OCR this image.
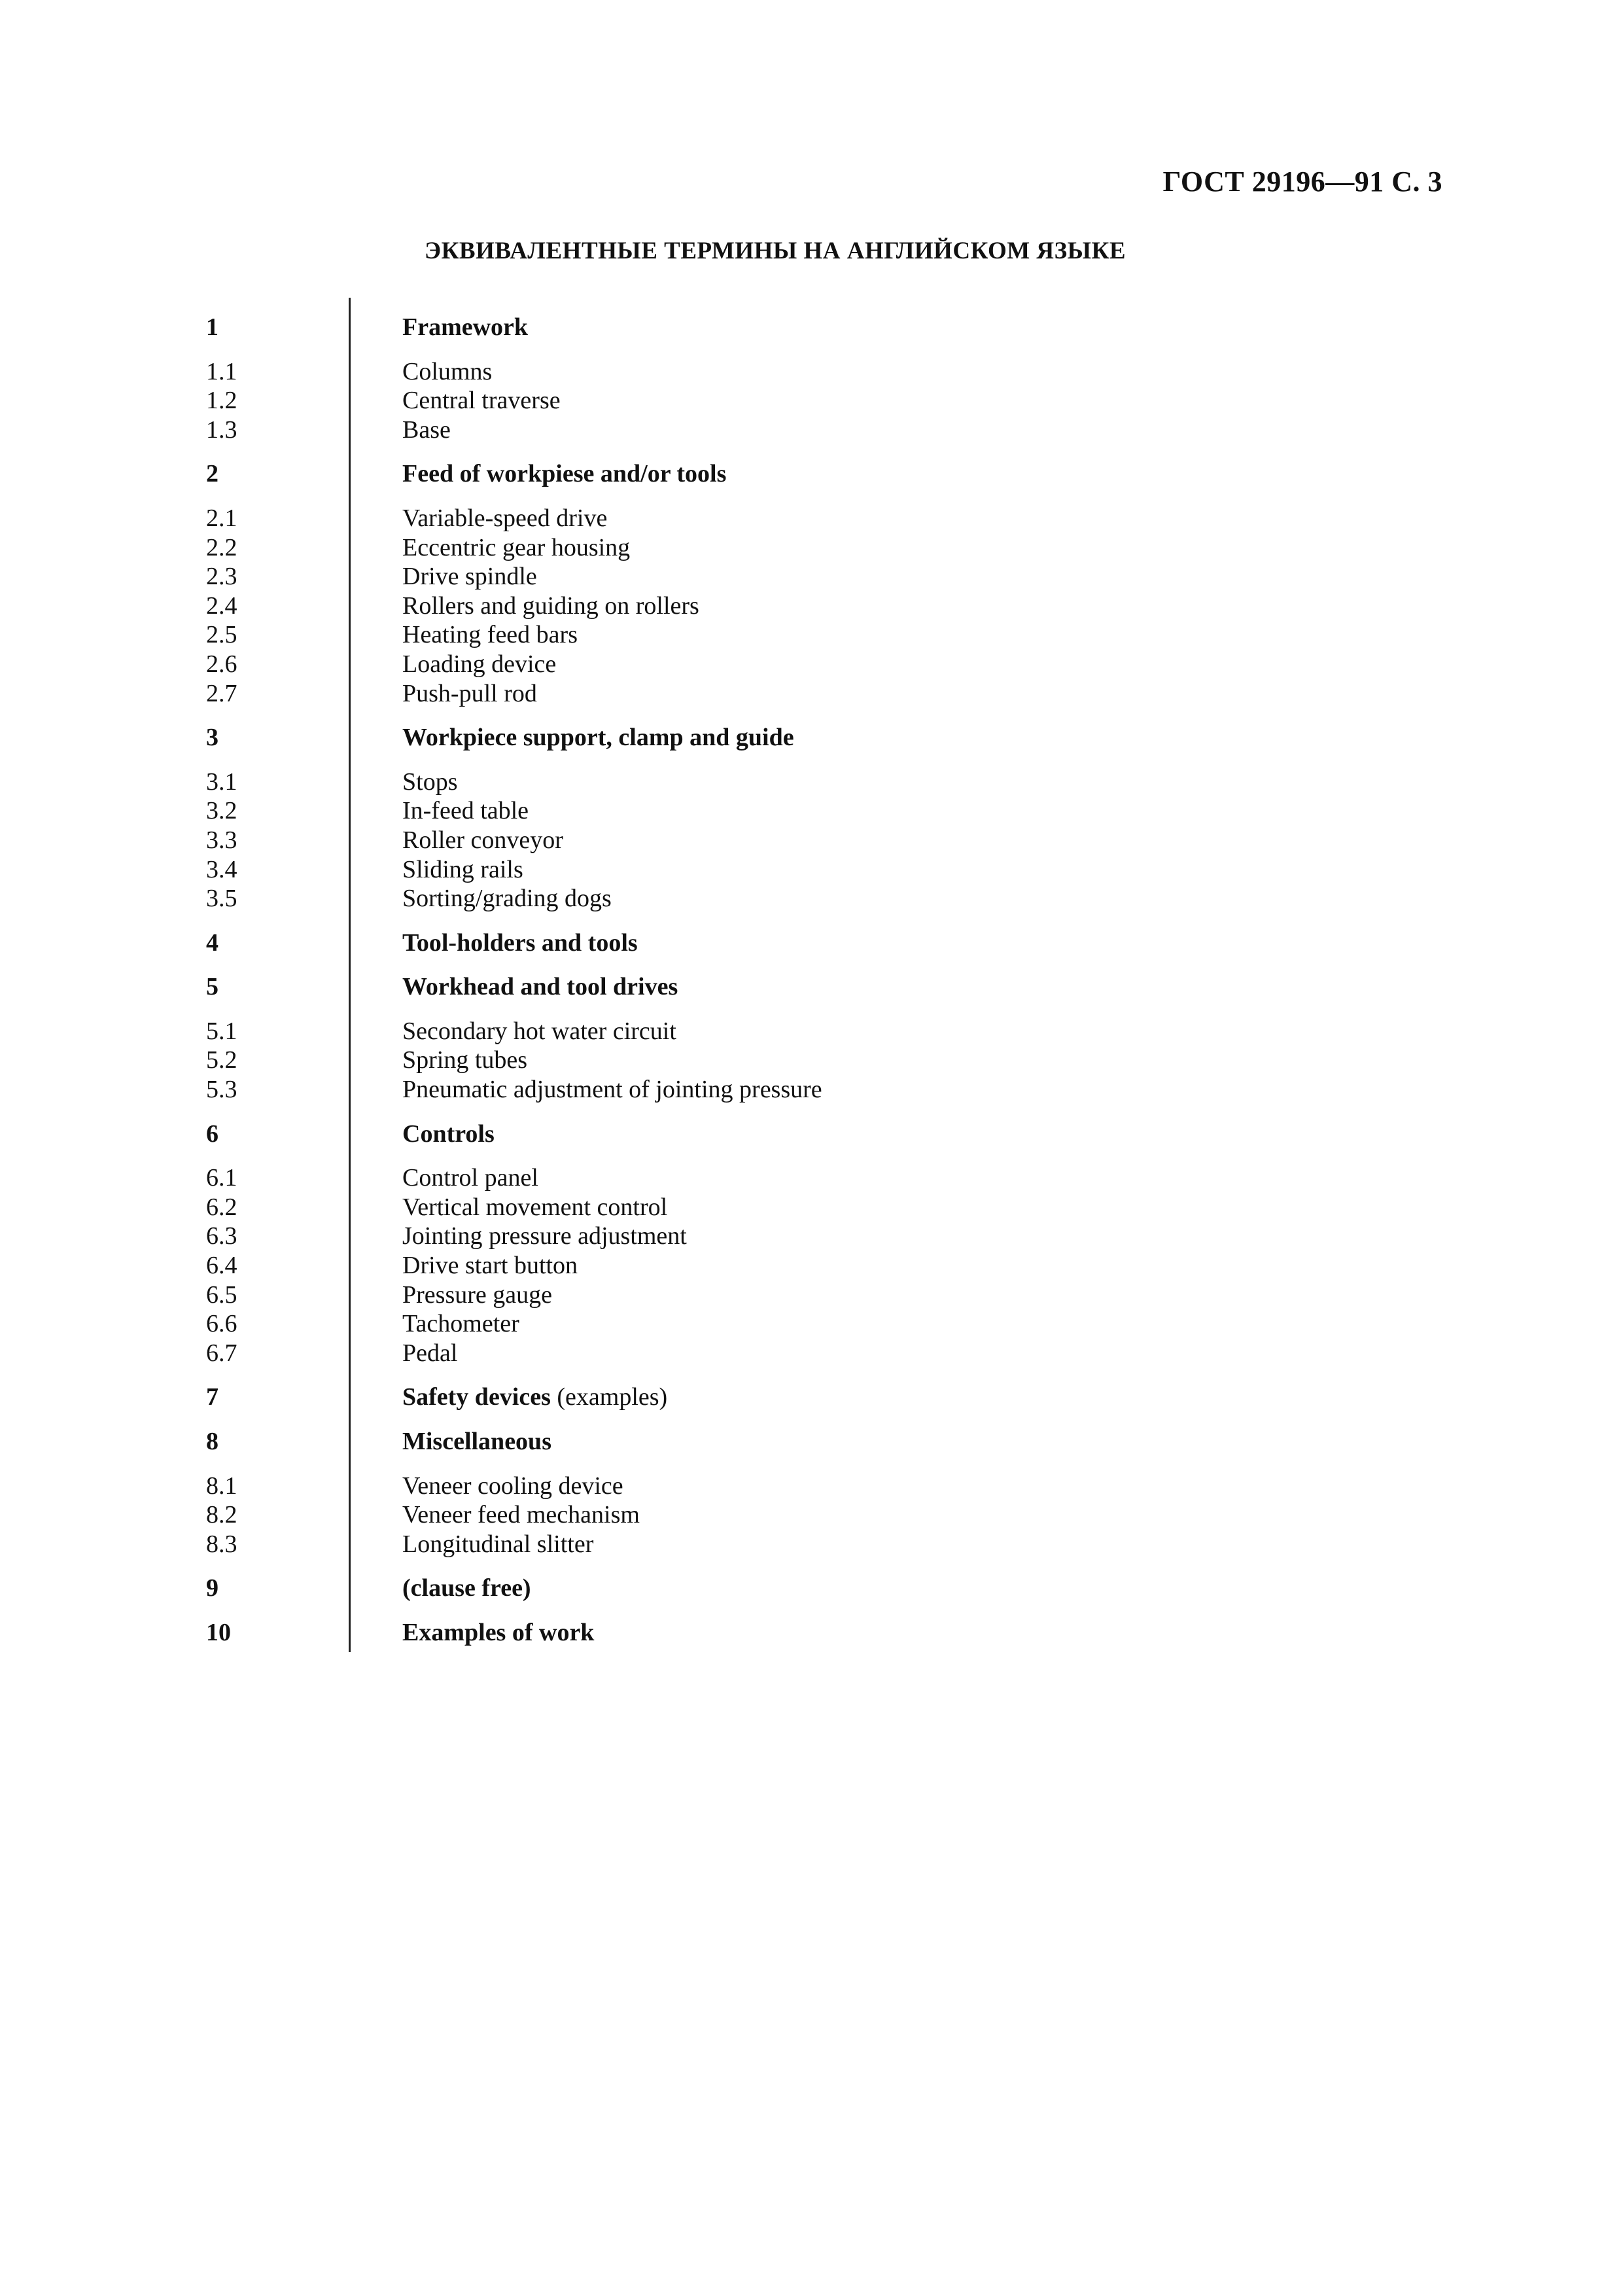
ГОСТ 29196—91 С. 3
ЭКВИВАЛЕНТНЫЕ ТЕРМИНЫ НА АНГЛИЙСКОМ ЯЗЫКЕ
1	Framework
1.1	Columns
1.2	Central traverse
1.3	Base
2	Feed of workpiese and/or tools
2.1	Variable-speed drive
2.2	Eccentric gear housing
2.3	Drive spindle
2.4	Rollers and guiding on rollers
2.5	Heating feed bars
2.6	Loading device
2.7	Push-pull rod
3	Workpiece support, clamp and guide
3.1	Stops
3.2	In-feed table
3.3	Roller conveyor
3.4	Sliding rails
3.5	Sorting/grading dogs
4	Tool-holders and tools
5	Workhead and tool drives
5.1	Secondary hot water circuit
5.2	Spring tubes
5.3	Pneumatic adjustment of jointing pressure
6	Controls
6.1	Control panel
6.2	Vertical movement control
6.3	Jointing pressure adjustment
6.4	Drive start button
6.5	Pressure gauge
6.6	Tachometer
6.7	Pedal
7	Safety devices (examples)
8	Miscellaneous
8.1	Veneer cooling device
8.2	Veneer feed mechanism
8.3	Longitudinal slitter
9	(clause free)
10	Examples of work
